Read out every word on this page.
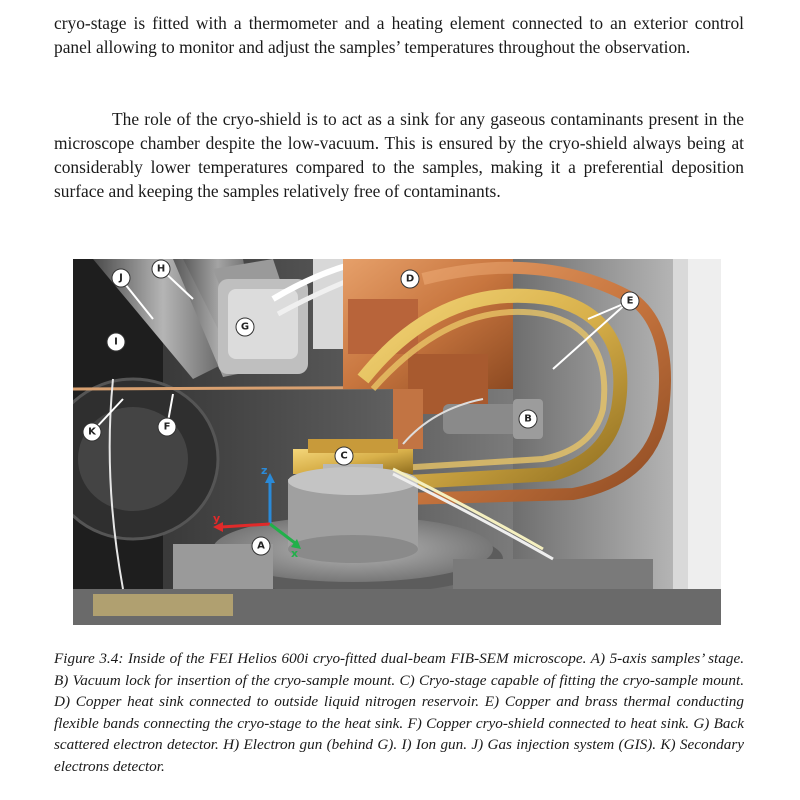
cryo-stage is fitted with a thermometer and a heating element connected to an exterior control panel allowing to monitor and adjust the samples’ temperatures throughout the observation.

The role of the cryo-shield is to act as a sink for any gaseous contaminants present in the microscope chamber despite the low-vacuum. This is ensured by the cryo-shield always being at considerably lower temperatures compared to the samples, making it a preferential deposition surface and keeping the samples relatively free of contaminants.

z
y
x
D
E
H
J
G
I
B
K	F
C
A

Figure 3.4: Inside of the FEI Helios 600i cryo-fitted dual-beam FIB-SEM microscope. A) 5-axis samples’ stage. B) Vacuum lock for insertion of the cryo-sample mount. C) Cryo-stage capable of fitting the cryo-sample mount. D) Copper heat sink connected to outside liquid nitrogen reservoir. E) Copper and brass thermal conducting flexible bands connecting the cryo-stage to the heat sink. F) Copper cryo-shield connected to heat sink. G) Back scattered electron detector. H) Electron gun (behind G). I) Ion gun. J) Gas injection system (GIS). K) Secondary electrons detector.
